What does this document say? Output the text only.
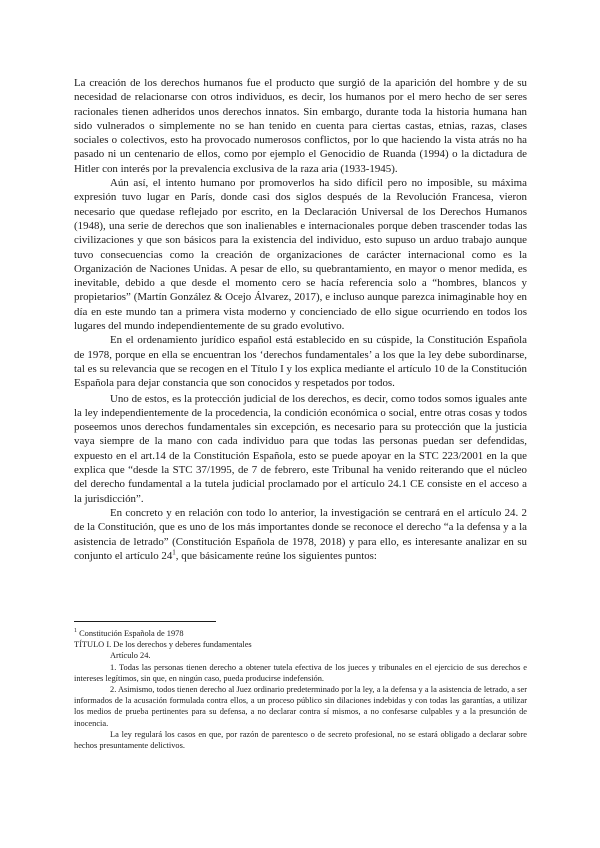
La creación de los derechos humanos fue el producto que surgió de la aparición del hombre y de su necesidad de relacionarse con otros individuos, es decir, los humanos por el mero hecho de ser seres racionales tienen adheridos unos derechos innatos. Sin embargo, durante toda la historia humana han sido vulnerados o simplemente no se han tenido en cuenta para ciertas castas, etnias, razas, clases sociales o colectivos, esto ha provocado numerosos conflictos, por lo que haciendo la vista atrás no ha pasado ni un centenario de ellos, como por ejemplo el Genocidio de Ruanda (1994) o la dictadura de Hitler con interés por la prevalencia exclusiva de la raza aria (1933-1945).

Aún así, el intento humano por promoverlos ha sido difícil pero no imposible, su máxima expresión tuvo lugar en París, donde casi dos siglos después de la Revolución Francesa, vieron necesario que quedase reflejado por escrito, en la Declaración Universal de los Derechos Humanos (1948), una serie de derechos que son inalienables e internacionales porque deben trascender todas las civilizaciones y que son básicos para la existencia del individuo, esto supuso un arduo trabajo aunque tuvo consecuencias como la creación de organizaciones de carácter internacional como es la Organización de Naciones Unidas. A pesar de ello, su quebrantamiento, en mayor o menor medida, es inevitable, debido a que desde el momento cero se hacía referencia solo a “hombres, blancos y propietarios” (Martín González & Ocejo Álvarez, 2017), e incluso aunque parezca inimaginable hoy en día en este mundo tan a primera vista moderno y concienciado de ello sigue ocurriendo en todos los lugares del mundo independientemente de su grado evolutivo.

En el ordenamiento jurídico español está establecido en su cúspide, la Constitución Española de 1978, porque en ella se encuentran los ‘derechos fundamentales’ a los que la ley debe subordinarse, tal es su relevancia que se recogen en el Título I y los explica mediante el artículo 10 de la Constitución Española para dejar constancia que son conocidos y respetados por todos.

Uno de estos, es la protección judicial de los derechos, es decir, como todos somos iguales ante la ley independientemente de la procedencia, la condición económica o social, entre otras cosas y todos poseemos unos derechos fundamentales sin excepción, es necesario para su protección que la justicia vaya siempre de la mano con cada individuo para que todas las personas puedan ser defendidas, expuesto en el art.14 de la Constitución Española, esto se puede apoyar en la STC 223/2001 en la que explica que “desde la STC 37/1995, de 7 de febrero, este Tribunal ha venido reiterando que el núcleo del derecho fundamental a la tutela judicial proclamado por el artículo 24.1 CE consiste en el acceso a la jurisdicción”.

En concreto y en relación con todo lo anterior, la investigación se centrará en el artículo 24. 2 de la Constitución, que es uno de los más importantes donde se reconoce el derecho “a la defensa y a la asistencia de letrado” (Constitución Española de 1978, 2018) y para ello, es interesante analizar en su conjunto el artículo $24^1$, que básicamente reúne los siguientes puntos:

$^1$ Constitución Española de 1978

TÍTULO I. De los derechos y deberes fundamentales

Artículo 24.

1. Todas las personas tienen derecho a obtener tutela efectiva de los jueces y tribunales en el ejercicio de sus derechos e intereses legítimos, sin que, en ningún caso, pueda producirse indefensión.

2. Asimismo, todos tienen derecho al Juez ordinario predeterminado por la ley, a la defensa y a la asistencia de letrado, a ser informados de la acusación formulada contra ellos, a un proceso público sin dilaciones indebidas y con todas las garantías, a utilizar los medios de prueba pertinentes para su defensa, a no declarar contra sí mismos, a no confesarse culpables y a la presunción de inocencia.

La ley regulará los casos en que, por razón de parentesco o de secreto profesional, no se estará obligado a declarar sobre hechos presuntamente delictivos.
